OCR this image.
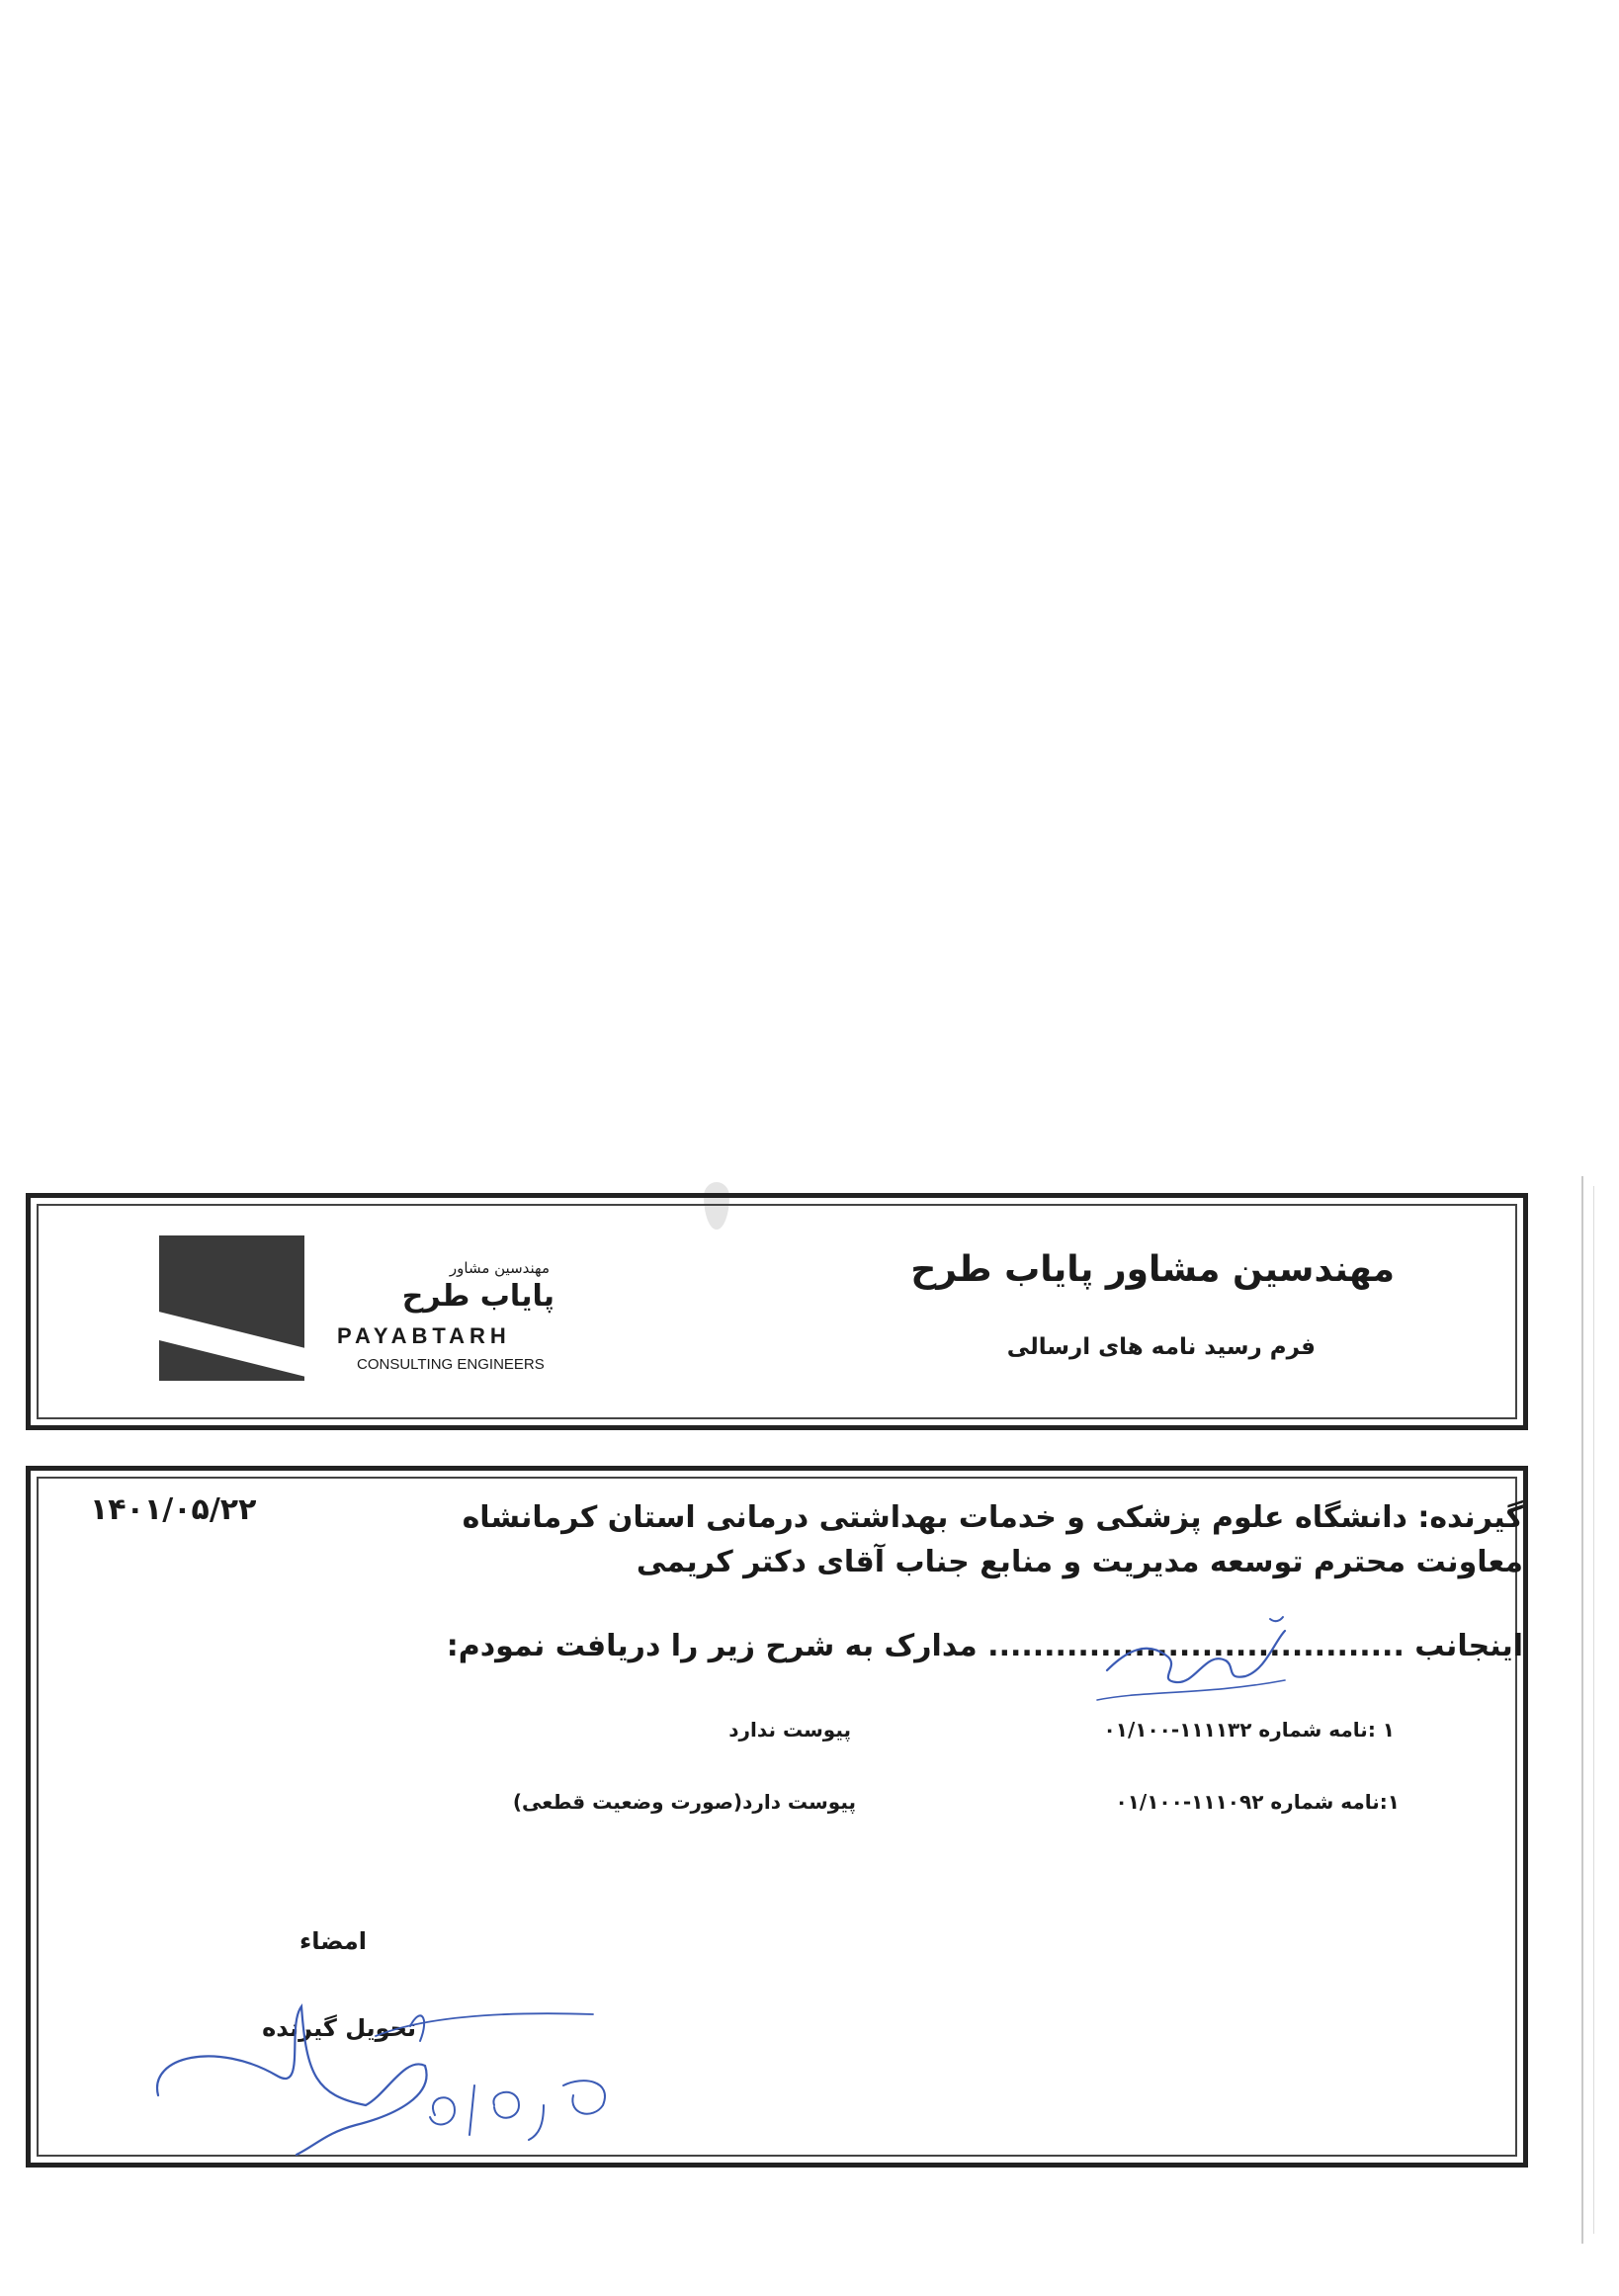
مهندسین مشاور
پایاب طرح
PAYABTARH
CONSULTING ENGINEERS
مهندسین مشاور پایاب طرح
فرم رسید نامه های ارسالی
۱۴۰۱/۰۵/۲۲	گیرنده: دانشگاه علوم پزشکی و خدمات بهداشتی درمانی استان کرمانشاه
معاونت محترم توسعه مدیریت و منابع جناب آقای دکتر کریمی
اینجانب ..................................... مدارک به شرح زیر را دریافت نمودم:
۱ :نامه شماره ۱۱۱۱۳۲-۰۱/۱۰۰
پیوست ندارد
۱:نامه شماره ۱۱۱۰۹۲-۰۱/۱۰۰
پیوست دارد(صورت وضعیت قطعی)
امضاء
تحویل گیرنده
